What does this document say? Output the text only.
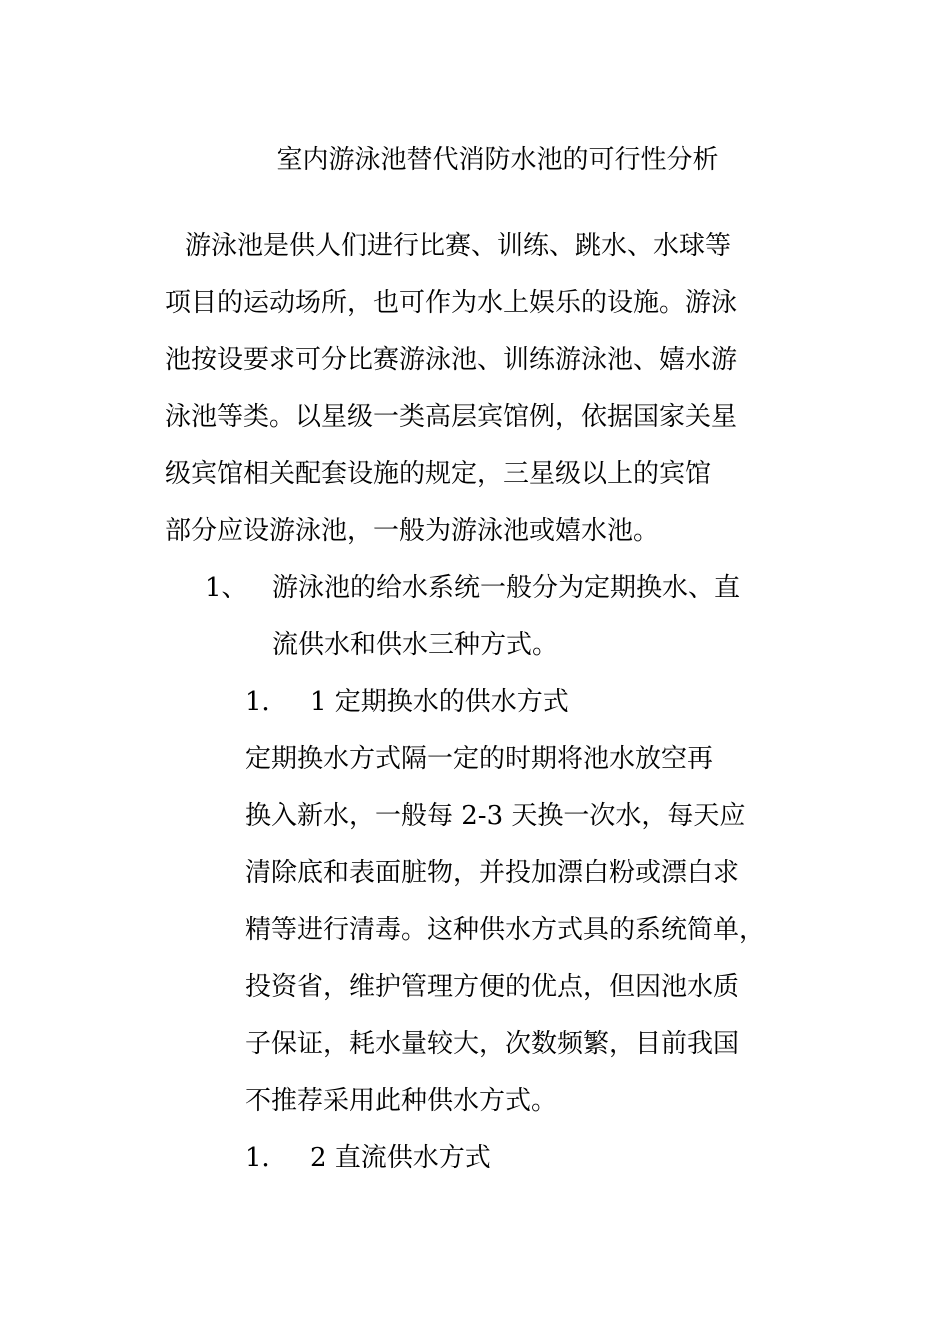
室内游泳池替代消防水池的可行性分析
游泳池是供人们进行比赛、训练、跳水、水球等
项目的运动场所，也可作为水上娱乐的设施。游泳
池按设要求可分比赛游泳池、训练游泳池、嬉水游
泳池等类。以星级一类高层宾馆例，依据国家关星
级宾馆相关配套设施的规定，三星级以上的宾馆
部分应设游泳池，一般为游泳池或嬉水池。
1、 游泳池的给水系统一般分为定期换水、直
流供水和供水三种方式。
1． 1 定期换水的供水方式
定期换水方式隔一定的时期将池水放空再
换入新水，一般每 2-3 天换一次水，每天应
清除底和表面脏物，并投加漂白粉或漂白求
精等进行清毒。这种供水方式具的系统简单，
投资省，维护管理方便的优点，但因池水质
子保证，耗水量较大，次数频繁，目前我国
不推荐采用此种供水方式。
1． 2 直流供水方式
